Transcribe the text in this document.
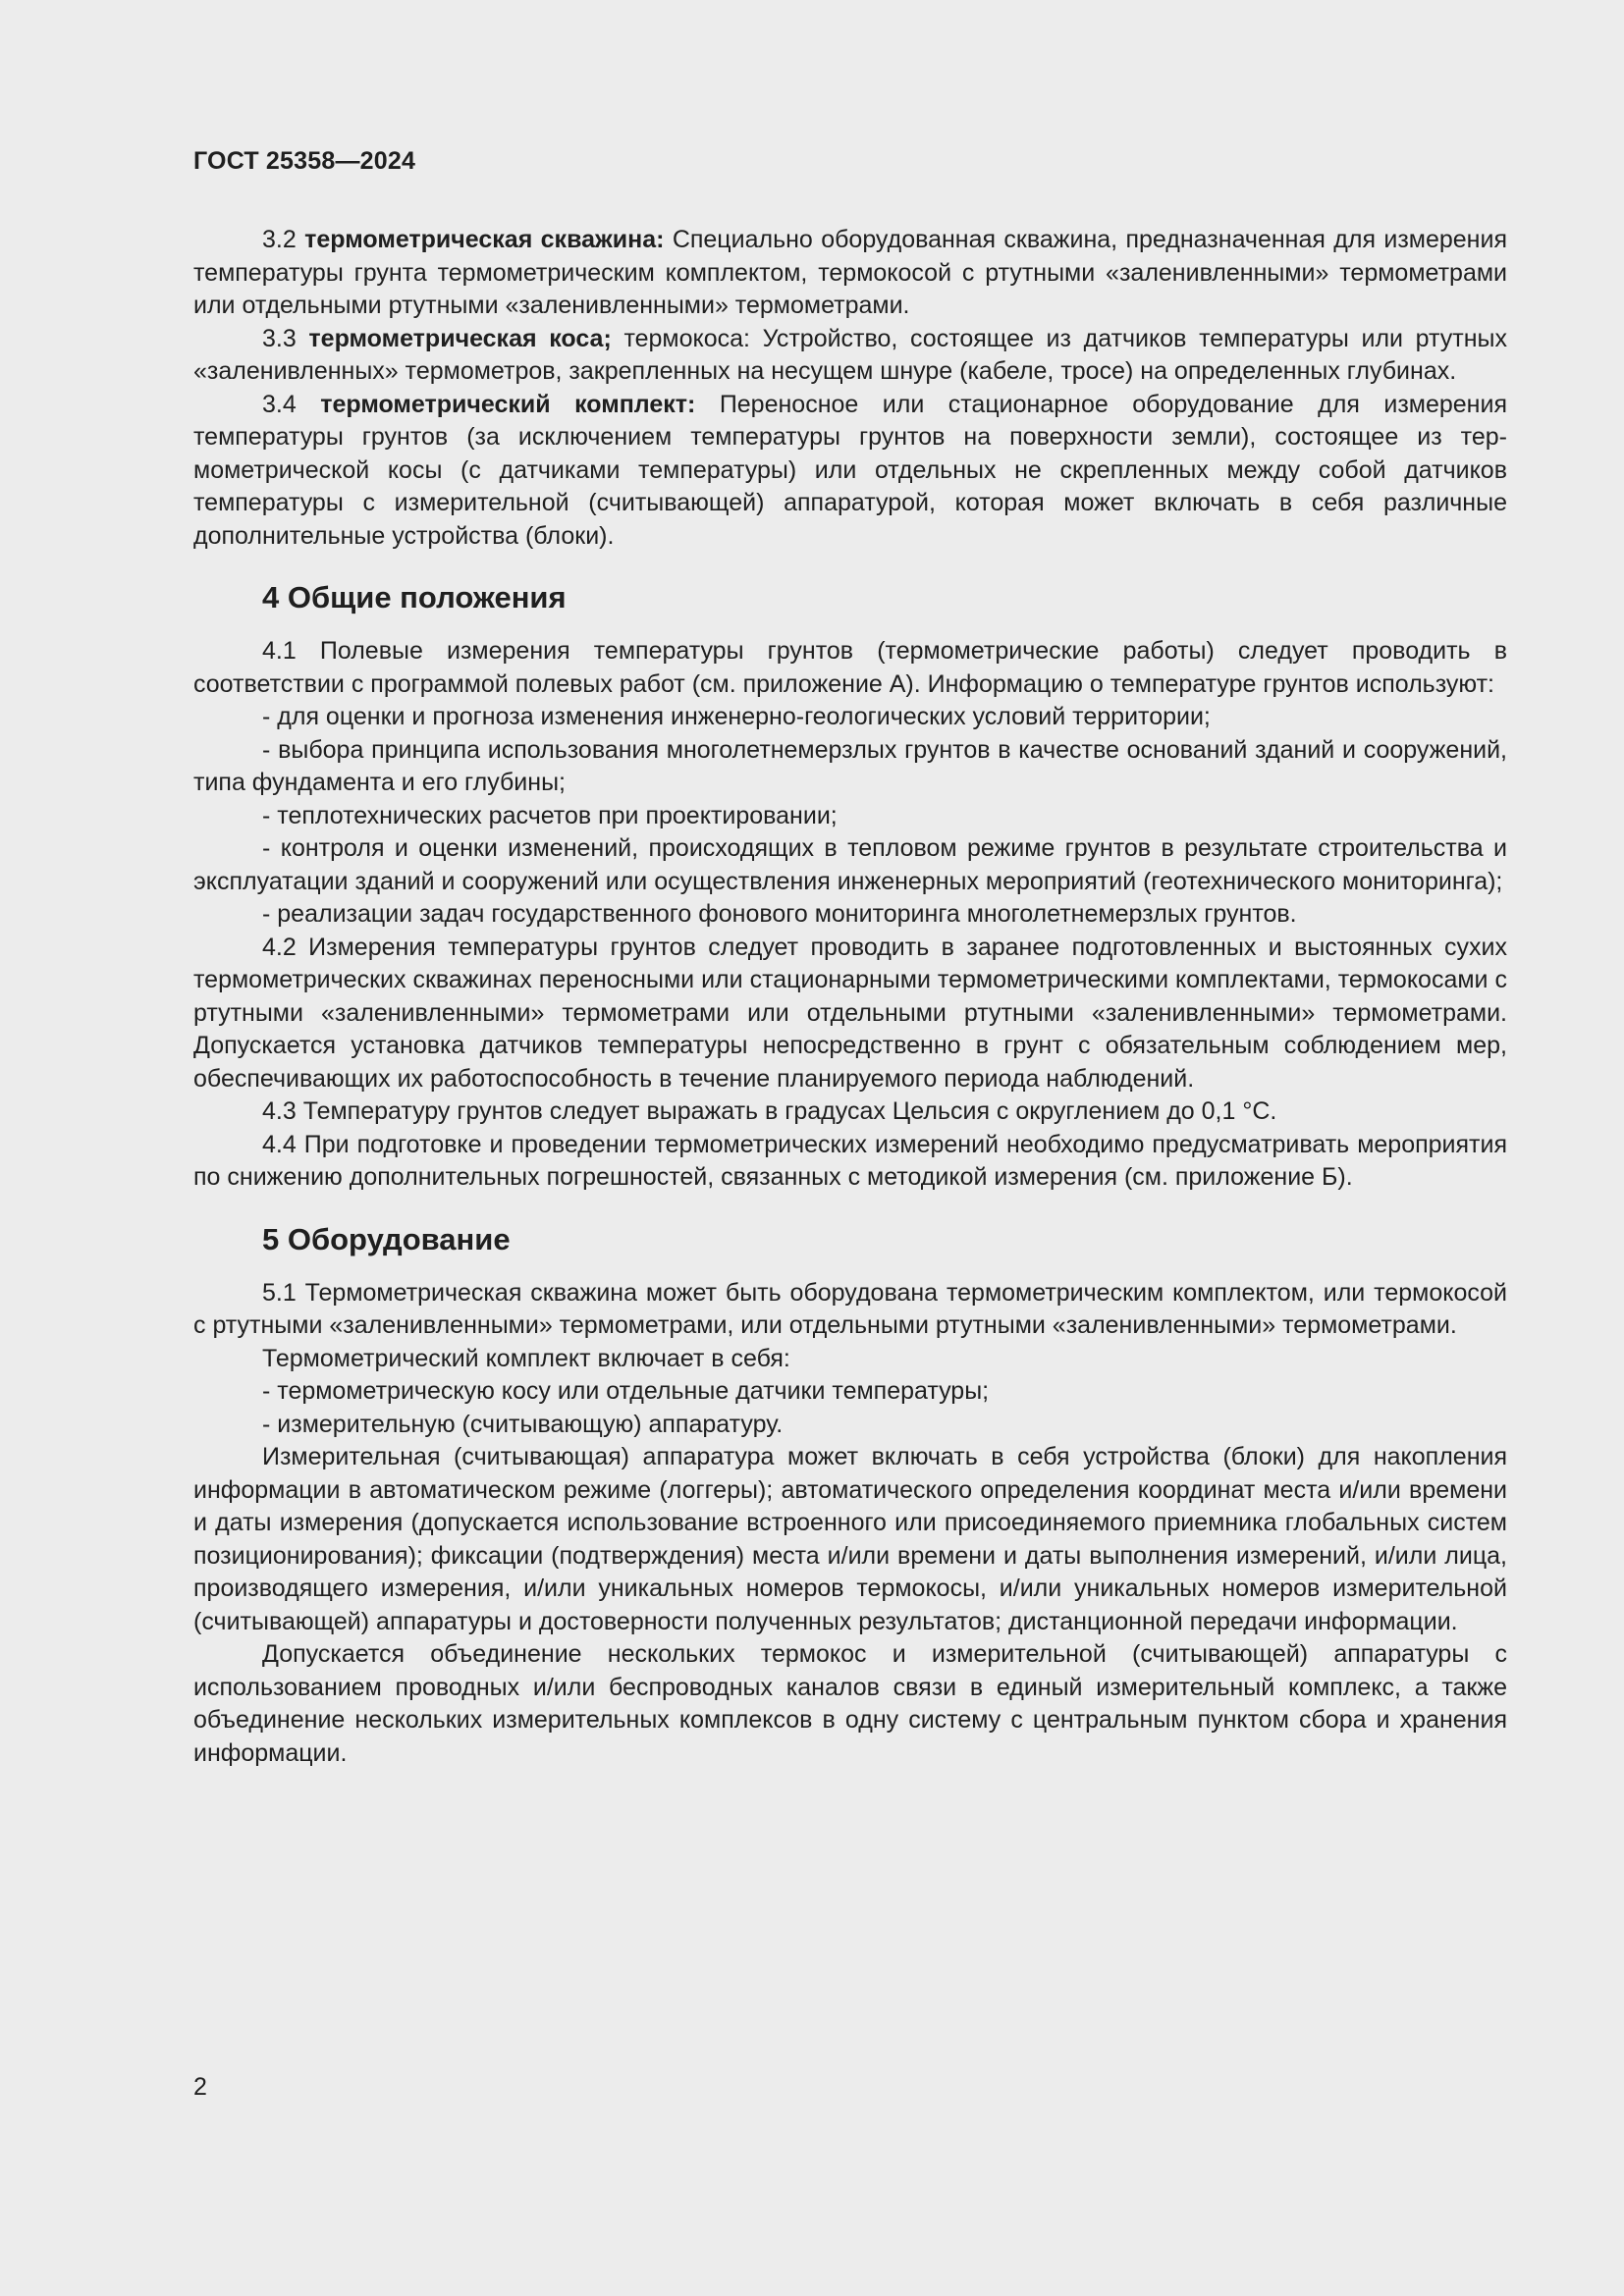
ГОСТ 25358—2024

3.2 термометрическая скважина: Специально оборудованная скважина, предназначенная для измерения температуры грунта термометрическим комплектом, термокосой с ртутными «заленивленными» термометрами или отдельными ртутными «заленивленными» термометрами.

3.3 термометрическая коса; термокоса: Устройство, состоящее из датчиков температуры или ртутных «заленивленных» термометров, закрепленных на несущем шнуре (кабеле, тросе) на определенных глубинах.

3.4 термометрический комплект: Переносное или стационарное оборудование для измерения температуры грунтов (за исключением температуры грунтов на поверхности земли), состоящее из термометрической косы (с датчиками температуры) или отдельных не скрепленных между собой датчиков температуры с измерительной (считывающей) аппаратурой, которая может включать в себя различные дополнительные устройства (блоки).

4 Общие положения

4.1 Полевые измерения температуры грунтов (термометрические работы) следует проводить в соответствии с программой полевых работ (см. приложение А). Информацию о температуре грунтов используют:

- для оценки и прогноза изменения инженерно-геологических условий территории;

- выбора принципа использования многолетнемерзлых грунтов в качестве оснований зданий и сооружений, типа фундамента и его глубины;

- теплотехнических расчетов при проектировании;

- контроля и оценки изменений, происходящих в тепловом режиме грунтов в результате строительства и эксплуатации зданий и сооружений или осуществления инженерных мероприятий (геотехнического мониторинга);

- реализации задач государственного фонового мониторинга многолетнемерзлых грунтов.

4.2 Измерения температуры грунтов следует проводить в заранее подготовленных и выстоянных сухих термометрических скважинах переносными или стационарными термометрическими комплектами, термокосами с ртутными «заленивленными» термометрами или отдельными ртутными «заленивленными» термометрами. Допускается установка датчиков температуры непосредственно в грунт с обязательным соблюдением мер, обеспечивающих их работоспособность в течение планируемого периода наблюдений.

4.3 Температуру грунтов следует выражать в градусах Цельсия с округлением до 0,1 °С.

4.4 При подготовке и проведении термометрических измерений необходимо предусматривать мероприятия по снижению дополнительных погрешностей, связанных с методикой измерения (см. приложение Б).

5 Оборудование

5.1 Термометрическая скважина может быть оборудована термометрическим комплектом, или термокосой с ртутными «заленивленными» термометрами, или отдельными ртутными «заленивленными» термометрами.

Термометрический комплект включает в себя:

- термометрическую косу или отдельные датчики температуры;

- измерительную (считывающую) аппаратуру.

Измерительная (считывающая) аппаратура может включать в себя устройства (блоки) для накопления информации в автоматическом режиме (логгеры); автоматического определения координат места и/или времени и даты измерения (допускается использование встроенного или присоединяемого приемника глобальных систем позиционирования); фиксации (подтверждения) места и/или времени и даты выполнения измерений, и/или лица, производящего измерения, и/или уникальных номеров термокосы, и/или уникальных номеров измерительной (считывающей) аппаратуры и достоверности полученных результатов; дистанционной передачи информации.

Допускается объединение нескольких термокос и измерительной (считывающей) аппаратуры с использованием проводных и/или беспроводных каналов связи в единый измерительный комплекс, а также объединение нескольких измерительных комплексов в одну систему с центральным пунктом сбора и хранения информации.

2
